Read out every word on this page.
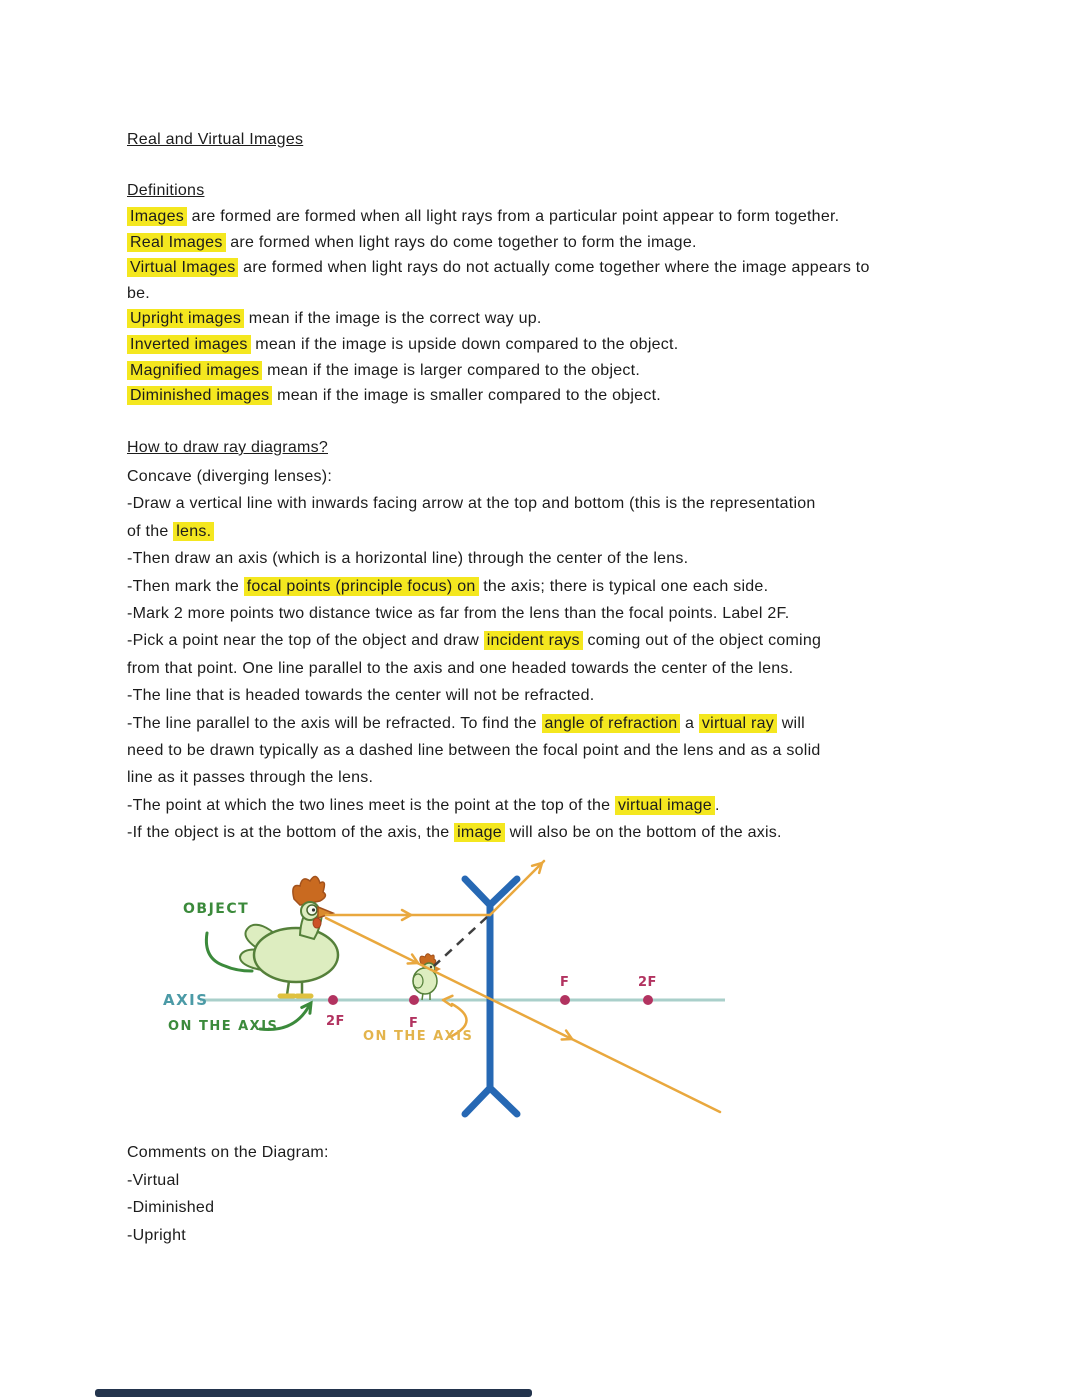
Real and Virtual Images
Definitions
Images are formed are formed when all light rays from a particular point appear to form together.
Real Images are formed when light rays do come together to form the image.
Virtual Images are formed when light rays do not actually come together where the image appears to
be.
Upright images mean if the image is the correct way up.
Inverted images mean if the image is upside down compared to the object.
Magnified images mean if the image is larger compared to the object.
Diminished images mean if the image is smaller compared to the object.
How to draw ray diagrams?
Concave (diverging lenses):
-Draw a vertical line with inwards facing arrow at the top and bottom (this is the representation
of the lens.
-Then draw an axis (which is a horizontal line) through the center of the lens.
-Then mark the focal points (principle focus) on the axis; there is typical one each side.
-Mark 2 more points two distance twice as far from the lens than the focal points. Label 2F.
-Pick a point near the top of the object and draw incident rays coming out of the object coming
from that point. One line parallel to the axis and one headed towards the center of the lens.
-The line that is headed towards the center will not be refracted.
-The line parallel to the axis will be refracted. To find the angle of refraction a virtual ray will
need to be drawn typically as a dashed line between the focal point and the lens and as a solid
line as it passes through the lens.
-The point at which the two lines meet is the point at the top of the virtual image .
-If the object is at the bottom of the axis, the image will also be on the bottom of the axis.
OBJECT
AXIS
ON THE AXIS
ON THE AXIS
2F	F
F	2F
Comments on the Diagram:
-Virtual
-Diminished
-Upright
